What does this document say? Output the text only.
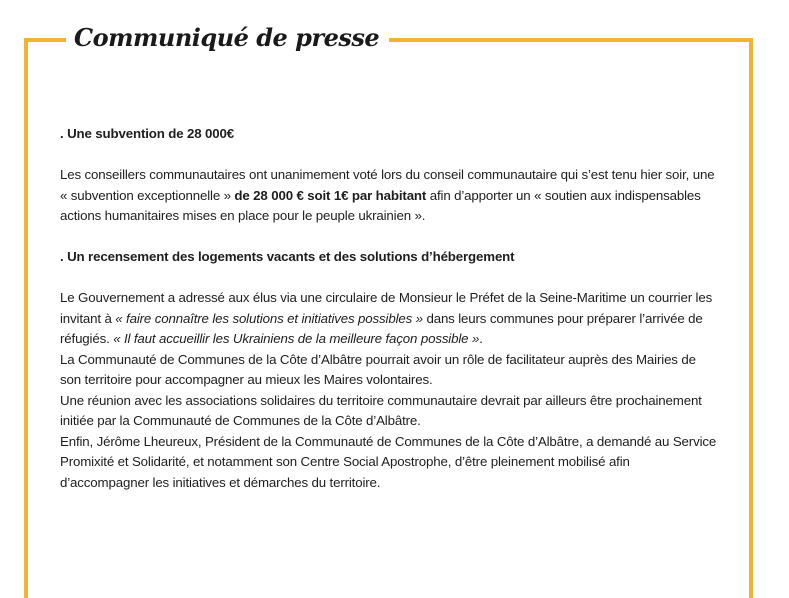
Communiqué de presse

. Une subvention de 28 000€

Les conseillers communautaires ont unanimement voté lors du conseil communautaire qui s’est tenu hier soir, une « subvention exceptionnelle » de 28 000 € soit 1€ par habitant afin d’apporter un « soutien aux indispensables actions humanitaires mises en place pour le peuple ukrainien ».

. Un recensement des logements vacants et des solutions d’hébergement

Le Gouvernement a adressé aux élus via une circulaire de Monsieur le Préfet de la Seine-Maritime un courrier les invitant à « faire connaître les solutions et initiatives possibles » dans leurs communes pour préparer l’arrivée de réfugiés. « Il faut accueillir les Ukrainiens de la meilleure façon possible ».

La Communauté de Communes de la Côte d’Albâtre pourrait avoir un rôle de facilitateur auprès des Mairies de son territoire pour accompagner au mieux les Maires volontaires.

Une réunion avec les associations solidaires du territoire communautaire devrait par ailleurs être prochainement initiée par la Communauté de Communes de la Côte d’Albâtre.

Enfin, Jérôme Lheureux, Président de la Communauté de Communes de la Côte d’Albâtre, a demandé au Service Promixité et Solidarité, et notamment son Centre Social Apostrophe, d’être pleinement mobilisé afin d’accompagner les initiatives et démarches du territoire.
